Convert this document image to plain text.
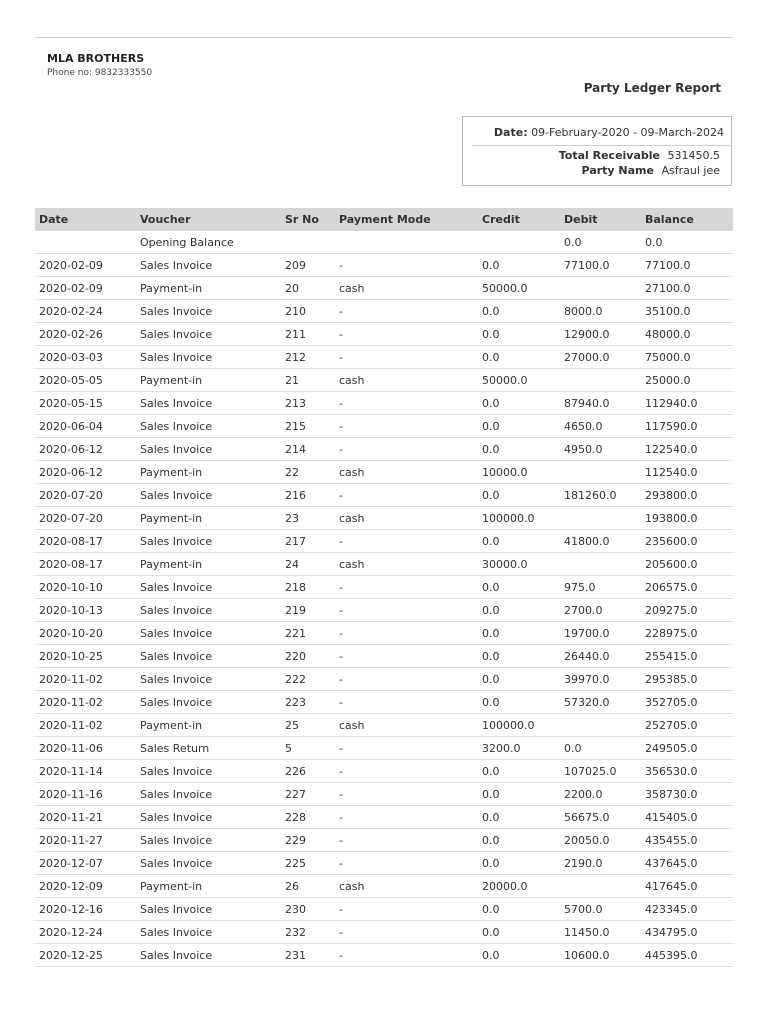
MLA BROTHERS
Phone no: 9832333550
Party Ledger Report
Date: 09-February-2020 - 09-March-2024
Total Receivable 531450.5
Party Name Asfraul jee
Date	Voucher	Sr No	Payment Mode	Credit	Debit	Balance
	Opening Balance				0.0	0.0
2020-02-09	Sales Invoice	209	-	0.0	77100.0	77100.0
2020-02-09	Payment-in	20	cash	50000.0		27100.0
2020-02-24	Sales Invoice	210	-	0.0	8000.0	35100.0
2020-02-26	Sales Invoice	211	-	0.0	12900.0	48000.0
2020-03-03	Sales Invoice	212	-	0.0	27000.0	75000.0
2020-05-05	Payment-in	21	cash	50000.0		25000.0
2020-05-15	Sales Invoice	213	-	0.0	87940.0	112940.0
2020-06-04	Sales Invoice	215	-	0.0	4650.0	117590.0
2020-06-12	Sales Invoice	214	-	0.0	4950.0	122540.0
2020-06-12	Payment-in	22	cash	10000.0		112540.0
2020-07-20	Sales Invoice	216	-	0.0	181260.0	293800.0
2020-07-20	Payment-in	23	cash	100000.0		193800.0
2020-08-17	Sales Invoice	217	-	0.0	41800.0	235600.0
2020-08-17	Payment-in	24	cash	30000.0		205600.0
2020-10-10	Sales Invoice	218	-	0.0	975.0	206575.0
2020-10-13	Sales Invoice	219	-	0.0	2700.0	209275.0
2020-10-20	Sales Invoice	221	-	0.0	19700.0	228975.0
2020-10-25	Sales Invoice	220	-	0.0	26440.0	255415.0
2020-11-02	Sales Invoice	222	-	0.0	39970.0	295385.0
2020-11-02	Sales Invoice	223	-	0.0	57320.0	352705.0
2020-11-02	Payment-in	25	cash	100000.0		252705.0
2020-11-06	Sales Return	5	-	3200.0	0.0	249505.0
2020-11-14	Sales Invoice	226	-	0.0	107025.0	356530.0
2020-11-16	Sales Invoice	227	-	0.0	2200.0	358730.0
2020-11-21	Sales Invoice	228	-	0.0	56675.0	415405.0
2020-11-27	Sales Invoice	229	-	0.0	20050.0	435455.0
2020-12-07	Sales Invoice	225	-	0.0	2190.0	437645.0
2020-12-09	Payment-in	26	cash	20000.0		417645.0
2020-12-16	Sales Invoice	230	-	0.0	5700.0	423345.0
2020-12-24	Sales Invoice	232	-	0.0	11450.0	434795.0
2020-12-25	Sales Invoice	231	-	0.0	10600.0	445395.0
